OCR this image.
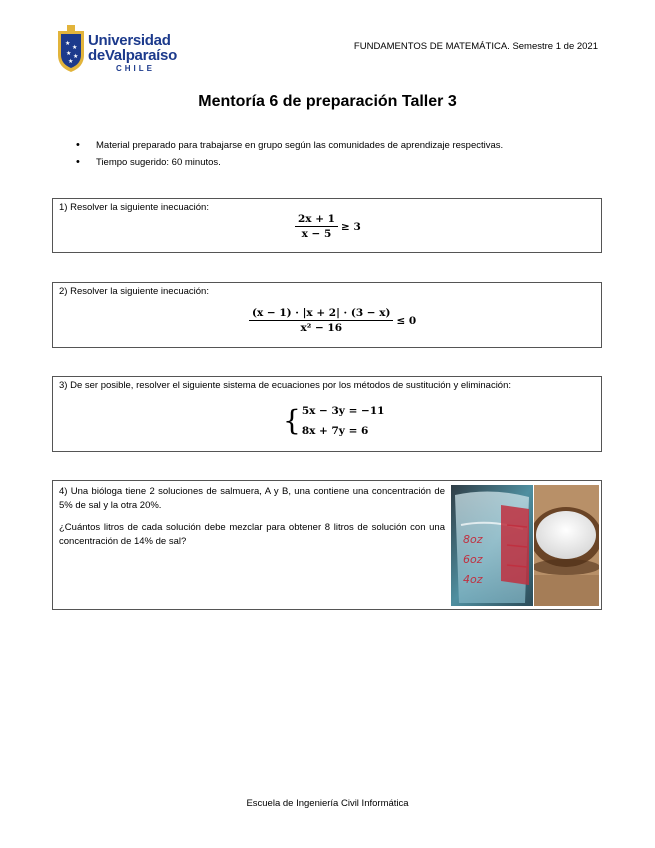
★
★
★ ★
★
Universidad
deValparaíso
CHILE
FUNDAMENTOS DE MATEMÁTICA. Semestre 1 de 2021
Mentoría 6 de preparación Taller 3
• Material preparado para trabajarse en grupo según las comunidades de aprendizaje respectivas.
• Tiempo sugerido: 60 minutos.
1) Resolver la siguiente inecuación:
$\frac{2x + 1}{x - 5} \ge 3$
2) Resolver la siguiente inecuación:
$\frac{(x - 1) \cdot |x + 2| \cdot (3 - x)}{\text{x² − 16}} \le 0$
3) De ser posible, resolver el siguiente sistema de ecuaciones por los métodos de sustitución y eliminación:
{ 5x − 3y = −11
8x + 7y = 6

4) Una bióloga tiene 2 soluciones de salmuera, A y B, una contiene una concentración de 5% de sal y la otra 20%.

¿Cuántos litros de cada solución debe mezclar para obtener 8 litros de solución con una concentración de 14% de sal?	8oz
6oz
4oz
Escuela de Ingeniería Civil Informática
